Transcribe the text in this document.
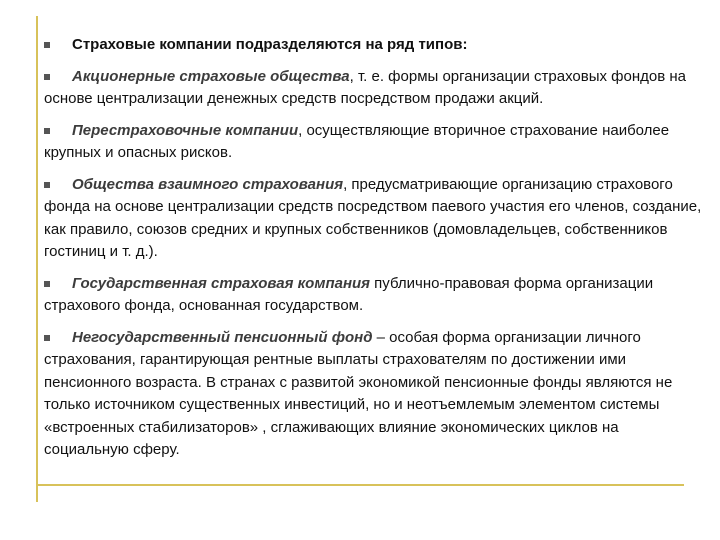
Страховые компании подразделяются на ряд типов:
Акционерные страховые общества, т. е. формы организации страховых фондов на основе централизации денежных средств посредством продажи акций.
Перестраховочные компании, осуществляющие вторичное страхование наиболее крупных и опасных рисков.
Общества взаимного страхования, предусматривающие организацию страхового фонда на основе централизации средств посредством паевого участия его членов, создание, как правило, союзов средних и крупных собственников (домовладельцев, собственников гостиниц и т. д.).
Государственная страховая компания публично-правовая форма организации страхового фонда, основанная государством.
Негосударственный пенсионный фонд – особая форма организации личного страхования, гарантирующая рентные выплаты страхователям по достижении ими пенсионного возраста. В странах с развитой экономикой пенсионные фонды являются не только источником существенных инвестиций, но и неотъемлемым элементом системы «встроенных стабилизаторов» , сглаживающих влияние экономических циклов на социальную сферу.
